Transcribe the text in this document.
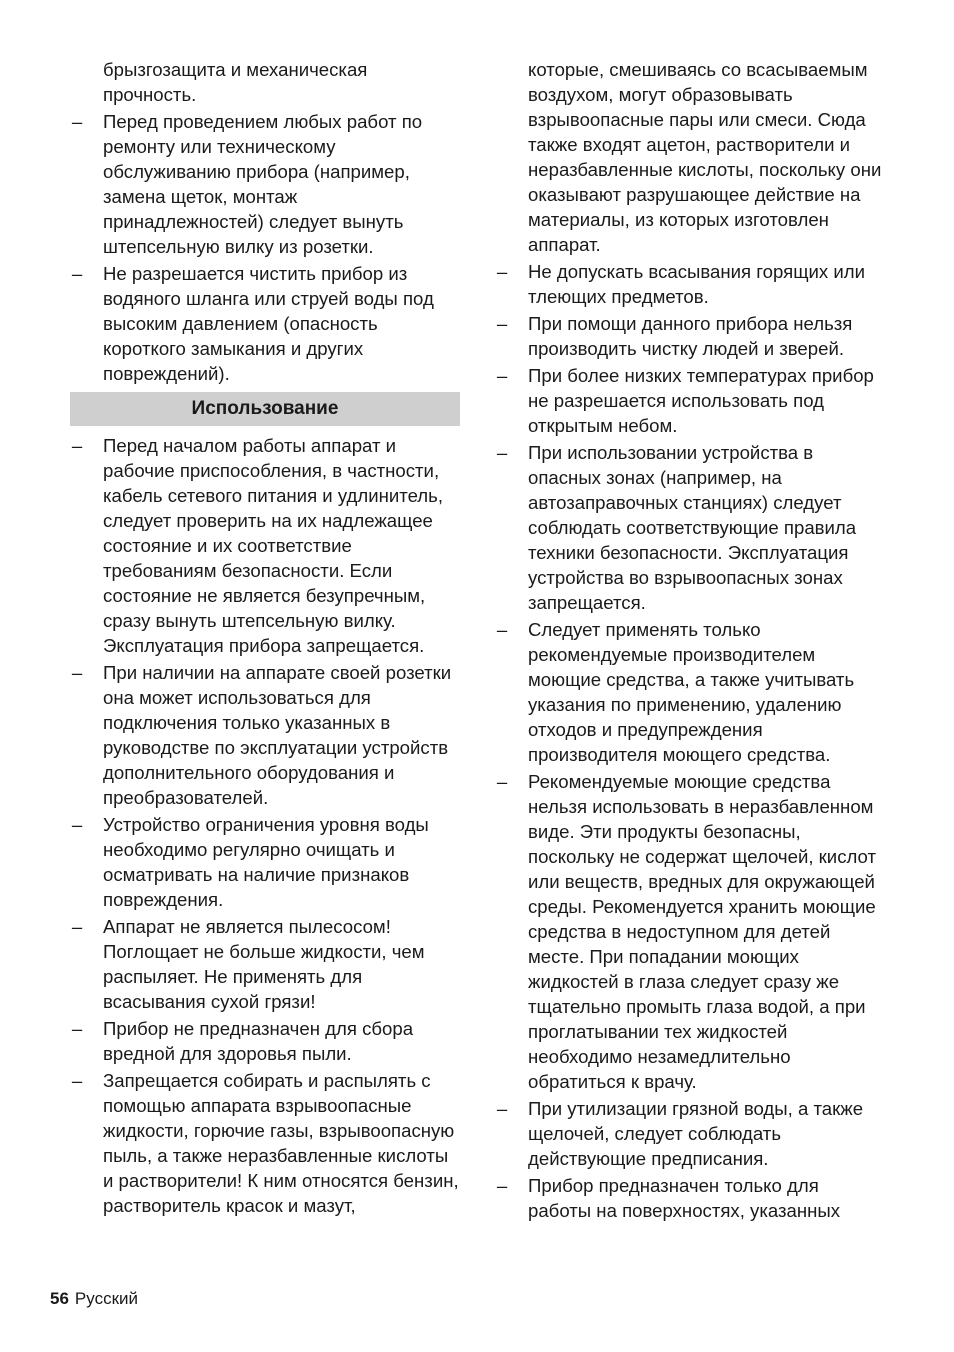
брызгозащита и механическая прочность.

– Перед проведением любых работ по ремонту или техническому обслуживанию прибора (например, замена щеток, монтаж принадлежностей) следует вынуть штепсельную вилку из розетки.
– Не разрешается чистить прибор из водяного шланга или струей воды под высоким давлением (опасность короткого замыкания и других повреждений).
Использование
– Перед началом работы аппарат и рабочие приспособления, в частности, кабель сетевого питания и удлинитель, следует проверить на их надлежащее состояние и их соответствие требованиям безопасности. Если состояние не является безупречным, сразу вынуть штепсельную вилку. Эксплуатация прибора запрещается.
– При наличии на аппарате своей розетки она может использоваться для подключения только указанных в руководстве по эксплуатации устройств дополнительного оборудования и преобразователей.
– Устройство ограничения уровня воды необходимо регулярно очищать и осматривать на наличие признаков повреждения.
– Аппарат не является пылесосом! Поглощает не больше жидкости, чем распыляет. Не применять для всасывания сухой грязи!
– Прибор не предназначен для сбора вредной для здоровья пыли.
– Запрещается собирать и распылять с помощью аппарата взрывоопасные жидкости, горючие газы, взрывоопасную пыль, а также неразбавленные кислоты и растворители! К ним относятся бензин, растворитель красок и мазут,

которые, смешиваясь со всасываемым воздухом, могут образовывать взрывоопасные пары или смеси. Сюда также входят ацетон, растворители и неразбавленные кислоты, поскольку они оказывают разрушающее действие на материалы, из которых изготовлен аппарат.

– Не допускать всасывания горящих или тлеющих предметов.
– При помощи данного прибора нельзя производить чистку людей и зверей.
– При более низких температурах прибор не разрешается использовать под открытым небом.
– При использовании устройства в опасных зонах (например, на автозаправочных станциях) следует соблюдать соответствующие правила техники безопасности. Эксплуатация устройства во взрывоопасных зонах запрещается.
– Следует применять только рекомендуемые производителем моющие средства, а также учитывать указания по применению, удалению отходов и предупреждения производителя моющего средства.
– Рекомендуемые моющие средства нельзя использовать в неразбавленном виде. Эти продукты безопасны, поскольку не содержат щелочей, кислот или веществ, вредных для окружающей среды. Рекомендуется хранить моющие средства в недоступном для детей месте. При попадании моющих жидкостей в глаза следует сразу же тщательно промыть глаза водой, а при проглатывании тех жидкостей необходимо незамедлительно обратиться к врачу.
– При утилизации грязной воды, а также щелочей, следует соблюдать действующие предписания.
– Прибор предназначен только для работы на поверхностях, указанных
56 Русский
